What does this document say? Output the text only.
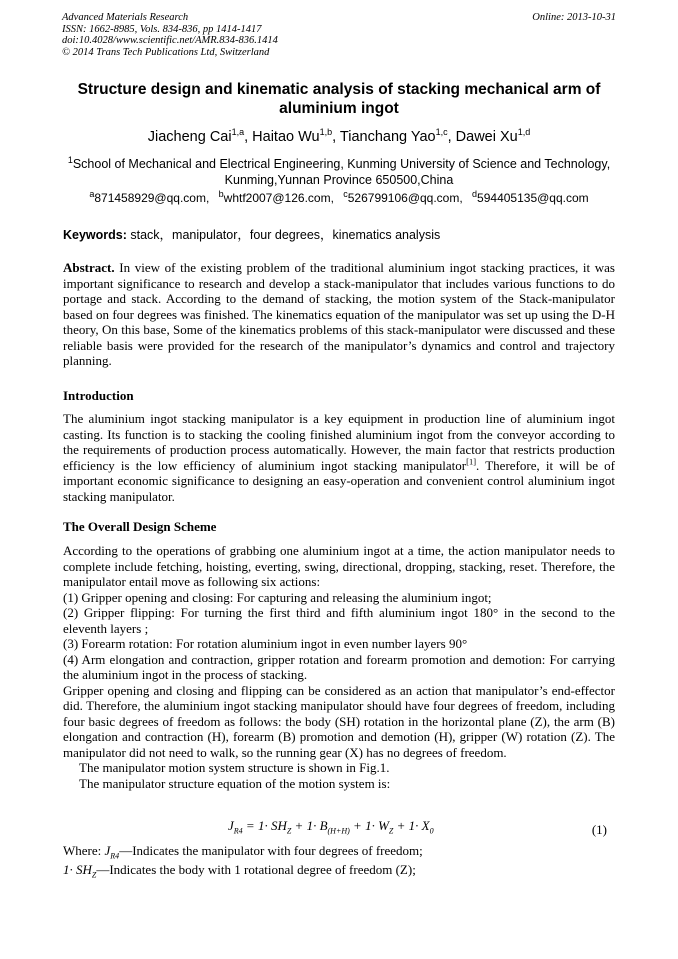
Advanced Materials Research
ISSN: 1662-8985, Vols. 834-836, pp 1414-1417
doi:10.4028/www.scientific.net/AMR.834-836.1414
© 2014 Trans Tech Publications Ltd, Switzerland
Online: 2013-10-31
Structure design and kinematic analysis of stacking mechanical arm of aluminium ingot
Jiacheng Cai$^{1,a}$, Haitao Wu$^{1,b}$, Tianchang Yao$^{1,c}$, Dawei Xu$^{1,d}$
$^1$School of Mechanical and Electrical Engineering, Kunming University of Science and Technology,
Kunming,Yunnan Province 650500,China
$^a$871458929@qq.com, $^b$whtf2007@126.com, $^c$526799106@qq.com, $^d$594405135@qq.com
Keywords: stack，manipulator，four degrees，kinematics analysis
Abstract. In view of the existing problem of the traditional aluminium ingot stacking practices, it was important significance to research and develop a stack-manipulator that includes various functions to do portage and stack. According to the demand of stacking, the motion system of the Stack-manipulator based on four degrees was finished. The kinematics equation of the manipulator was set up using the D-H theory, On this base, Some of the kinematics problems of this stack-manipulator were discussed and these reliable basis were provided for the research of the manipulator’s dynamics and control and trajectory planning.
Introduction
The aluminium ingot stacking manipulator is a key equipment in production line of aluminium ingot casting. Its function is to stacking the cooling finished aluminium ingot from the conveyor according to the requirements of production process automatically. However, the main factor that restricts production efficiency is the low efficiency of aluminium ingot stacking manipulator[1]. Therefore, it will be of important economic significance to designing an easy-operation and convenient control aluminium ingot stacking manipulator.
The Overall Design Scheme
According to the operations of grabbing one aluminium ingot at a time, the action manipulator needs to complete include fetching, hoisting, everting, swing, directional, dropping, stacking, reset. Therefore, the manipulator entail move as following six actions:
(1) Gripper opening and closing: For capturing and releasing the aluminium ingot;
(2) Gripper flipping: For turning the first third and fifth aluminium ingot 180° in the second to the eleventh layers ;
(3) Forearm rotation: For rotation aluminium ingot in even number layers 90°
(4) Arm elongation and contraction, gripper rotation and forearm promotion and demotion: For carrying the aluminium ingot in the process of stacking.
Gripper opening and closing and flipping can be considered as an action that manipulator’s end-effector did. Therefore, the aluminium ingot stacking manipulator should have four degrees of freedom, including four basic degrees of freedom as follows: the body (SH) rotation in the horizontal plane (Z), the arm (B) elongation and contraction (H), forearm (B) promotion and demotion (H), gripper (W) rotation (Z). The manipulator did not need to walk, so the running gear (X) has no degrees of freedom.
The manipulator motion system structure is shown in Fig.1.
The manipulator structure equation of the motion system is:
$J_{R4} = 1\cdot SH_Z + 1\cdot B_{(H+H)} + 1\cdot W_Z + 1\cdot X_0$	(1)
Where: $J_{R4}—Indicates$ the manipulator with four degrees of freedom;
$1\cdot SH_Z—Indicates$ the body with 1 rotational degree of freedom (Z);
